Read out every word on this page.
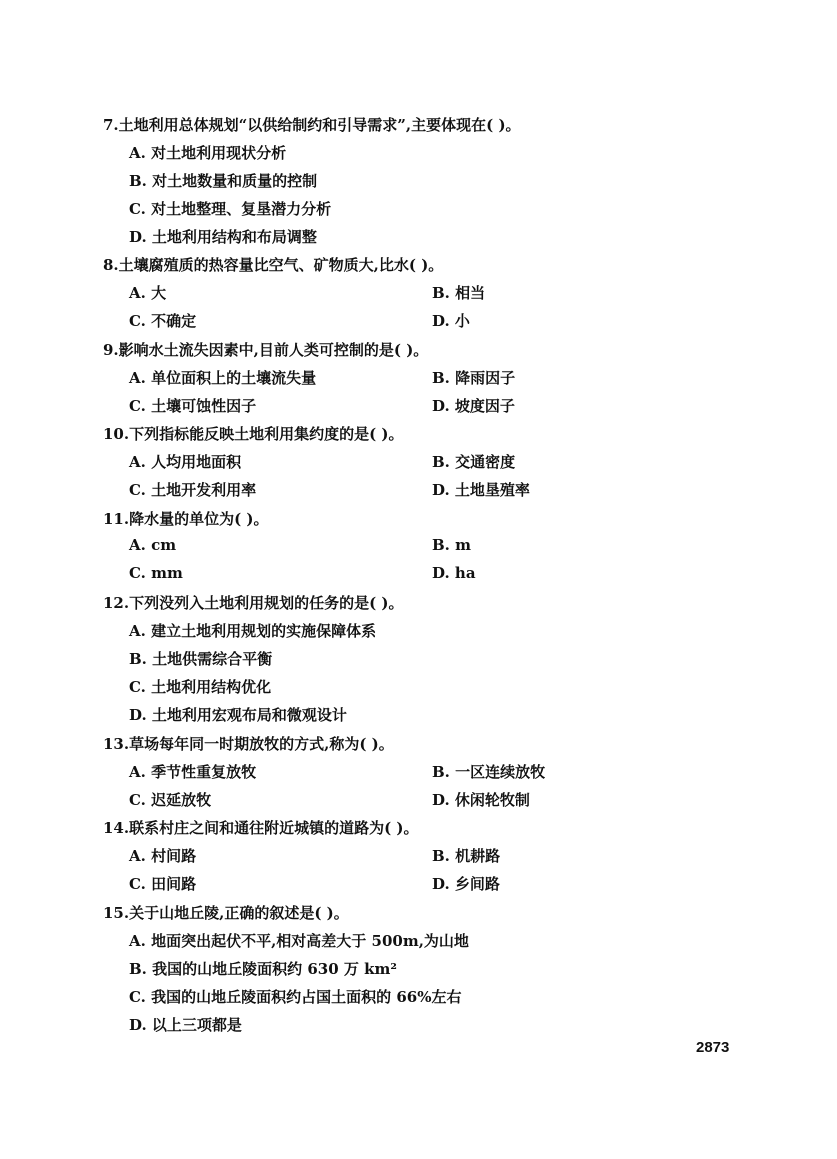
7.土地利用总体规划“以供给制约和引导需求”,主要体现在( )。
A. 对土地利用现状分析
B. 对土地数量和质量的控制
C. 对土地整理、复垦潜力分析
D. 土地利用结构和布局调整
8.土壤腐殖质的热容量比空气、矿物质大,比水( )。
A. 大	B. 相当
C. 不确定	D. 小
9.影响水土流失因素中,目前人类可控制的是( )。
A. 单位面积上的土壤流失量	B. 降雨因子
C. 土壤可蚀性因子	D. 坡度因子
10.下列指标能反映土地利用集约度的是( )。
A. 人均用地面积	B. 交通密度
C. 土地开发利用率	D. 土地垦殖率
11.降水量的单位为( )。
A. cm	B. m
C. mm	D. ha
12.下列没列入土地利用规划的任务的是( )。
A. 建立土地利用规划的实施保障体系
B. 土地供需综合平衡
C. 土地利用结构优化
D. 土地利用宏观布局和微观设计
13.草场每年同一时期放牧的方式,称为( )。
A. 季节性重复放牧	B. 一区连续放牧
C. 迟延放牧	D. 休闲轮牧制
14.联系村庄之间和通往附近城镇的道路为( )。
A. 村间路	B. 机耕路
C. 田间路	D. 乡间路
15.关于山地丘陵,正确的叙述是( )。
A. 地面突出起伏不平,相对高差大于 500m,为山地
B. 我国的山地丘陵面积约 630 万 km²
C. 我国的山地丘陵面积约占国土面积的 66%左右
D. 以上三项都是
2873
